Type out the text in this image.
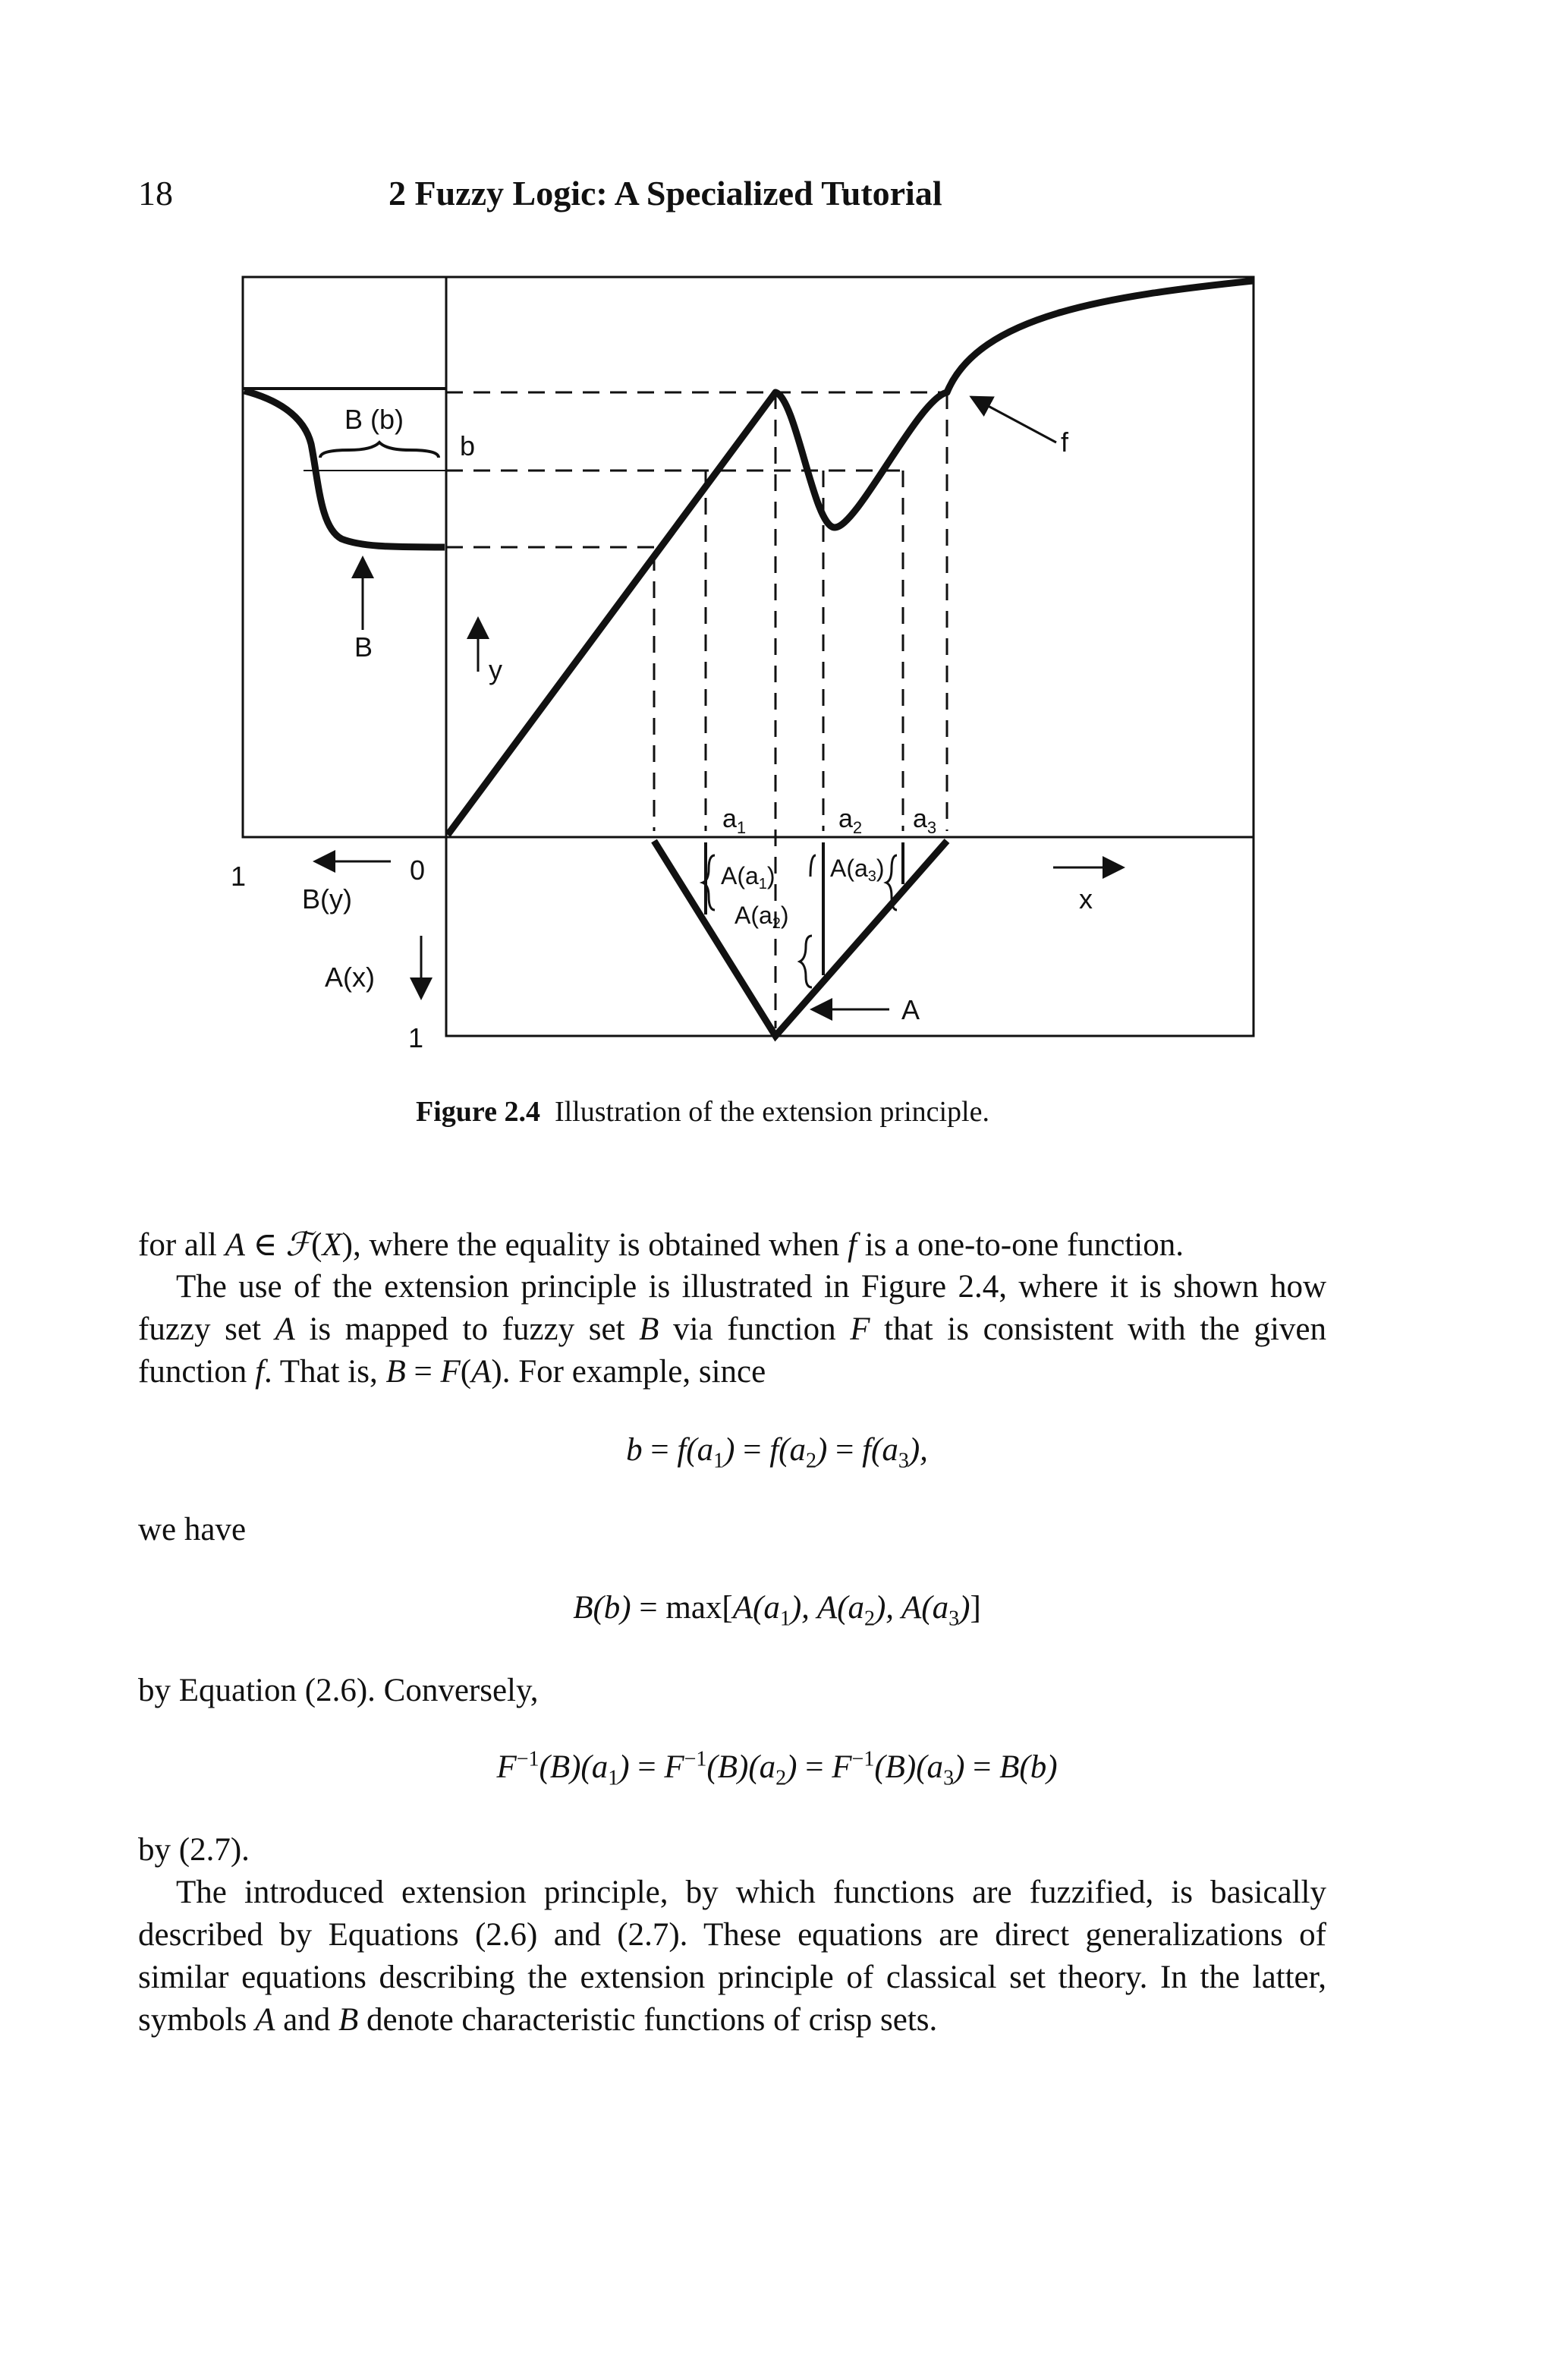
18	2 Fuzzy Logic: A Specialized Tutorial
B (b)
b	f
B
y
1	0
B(y)
A(x)
1
x
A
$a_1$	$a_2$ $a_3$
A(a1)
A(a2)
A(a3)
Figure 2.4 Illustration of the extension principle.
for all A ∈ ℱ(X), where the equality is obtained when f is a one-to-one function.
The use of the extension principle is illustrated in Figure 2.4, where it is shown how fuzzy set A is mapped to fuzzy set B via function F that is consistent with the given function f. That is, B = F(A). For example, since
$b = f(a_1) = f(a_2) = f(a_3)$,
we have
$B(b) = \max[A(a_1)$, $A(a_2)$, $A(a_3)$]
by Equation (2.6). Conversely,
$F^{-1}(B)(a_1) = F^{-1}(B)(a_2) = F^{-1}(B)(a_3) = B(b)$
by (2.7).
The introduced extension principle, by which functions are fuzzified, is basically described by Equations (2.6) and (2.7). These equations are direct generalizations of similar equations describing the extension principle of classical set theory. In the latter, symbols A and B denote characteristic functions of crisp sets.
